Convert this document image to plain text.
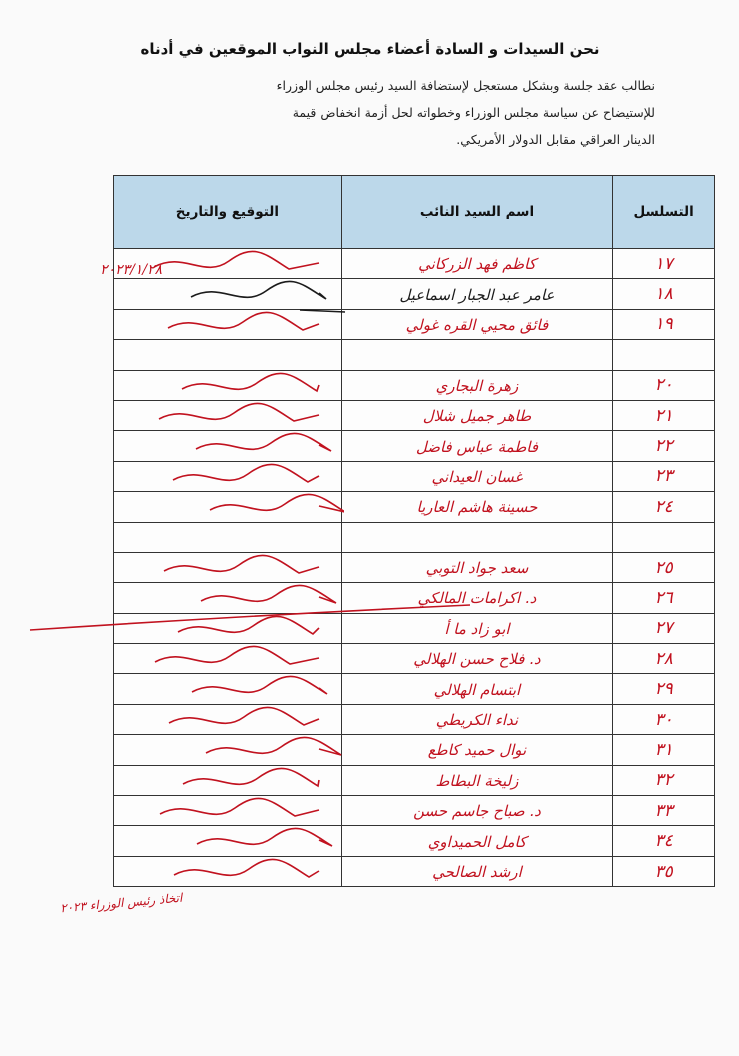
نحن السيدات و السادة أعضاء مجلس النواب الموقعين في أدناه
نطالب عقد جلسة وبشكل مستعجل لإستضافة السيد رئيس مجلس الوزراء
للإستيضاح عن سياسة مجلس الوزراء وخطواته لحل أزمة انخفاض قيمة
الدينار العراقي مقابل الدولار الأمريكي.
التسلسل	اسم السيد النائب	التوقيع والتاريخ
١٧	كاظم فهد الزركاني	

١٨	عامر عبد الجبار اسماعيل	

١٩	فائق محيي القره غولي	

٢٠	زهرة البجاري	

٢١	طاهر جميل شلال	

٢٢	فاطمة عباس فاضل	

٢٣	غسان العيداني	

٢٤	حسينة هاشم العاريا	

٢٥	سعد جواد التوبي	

٢٦	د. اكرامات المالكي	

٢٧	ابو زاد ما أ	

٢٨	د. فلاح حسن الهلالي	

٢٩	ابتسام الهلالي	

٣٠	نداء الكريطي	

٣١	نوال حميد كاطع	

٣٢	زليخة البطاط	

٣٣	د. صباح جاسم حسن	

٣٤	كامل الحميداوي	

٣٥	ارشد الصالحي	
٢٠٢٣/١/٢٨
اتخاذ رئيس الوزراء ٢٠٢٣
